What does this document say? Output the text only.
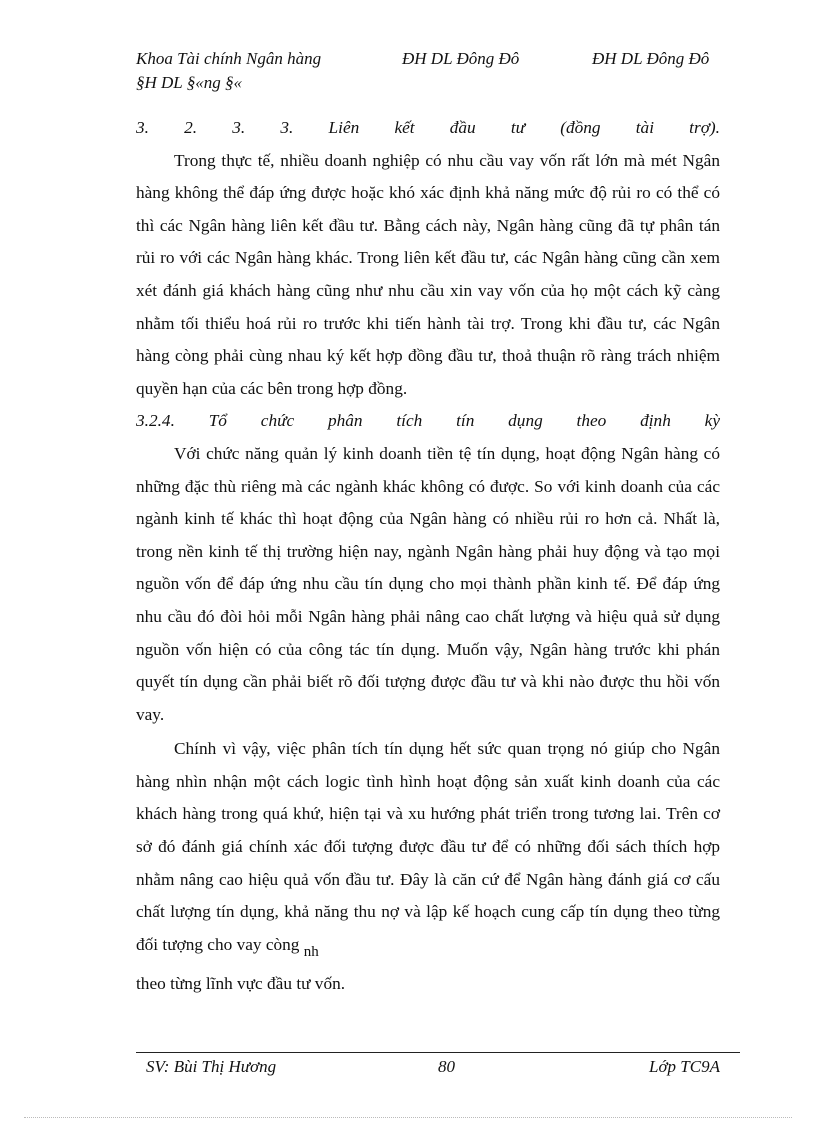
Khoa Tài chính Ngân hàng	ĐH DL Đông Đô	ĐH DL Đông Đô
§H DL §«ng §«
3. 2. 3. 3. Liên kết đầu tư (đồng tài trợ).

Trong thực tế, nhiều doanh nghiệp có nhu cầu vay vốn rất lớn mà mét Ngân hàng không thể đáp ứng được hoặc khó xác định khả năng mức độ rủi ro có thể có thì các Ngân hàng liên kết đầu tư. Bằng cách này, Ngân hàng cũng đã tự phân tán rủi ro với các Ngân hàng khác. Trong liên kết đầu tư, các Ngân hàng cũng cần xem xét đánh giá khách hàng cũng như nhu cầu xin vay vốn của họ một cách kỹ càng nhằm tối thiểu hoá rủi ro trước khi tiến hành tài trợ. Trong khi đầu tư, các Ngân hàng còng phải cùng nhau ký kết hợp đồng đầu tư, thoả thuận rõ ràng trách nhiệm quyền hạn của các bên trong hợp đồng.

3.2.4. Tổ chức phân tích tín dụng theo định kỳ

Với chức năng quản lý kinh doanh tiền tệ tín dụng, hoạt động Ngân hàng có những đặc thù riêng mà các ngành khác không có được. So với kinh doanh của các ngành kinh tế khác thì hoạt động của Ngân hàng có nhiều rủi ro hơn cả. Nhất là, trong nền kinh tế thị trường hiện nay, ngành Ngân hàng phải huy động và tạo mọi nguồn vốn để đáp ứng nhu cầu tín dụng cho mọi thành phần kinh tế. Để đáp ứng nhu cầu đó đòi hỏi mỗi Ngân hàng phải nâng cao chất lượng và hiệu quả sử dụng nguồn vốn hiện có của công tác tín dụng. Muốn vậy, Ngân hàng trước khi phán quyết tín dụng cần phải biết rõ đối tượng được đầu tư và khi nào được thu hồi vốn vay.

Chính vì vậy, việc phân tích tín dụng hết sức quan trọng nó giúp cho Ngân hàng nhìn nhận một cách logic tình hình hoạt động sản xuất kinh doanh của các khách hàng trong quá khứ, hiện tại và xu hướng phát triển trong tương lai. Trên cơ sở đó đánh giá chính xác đối tượng được đầu tư để có những đối sách thích hợp nhằm nâng cao hiệu quả vốn đầu tư. Đây là căn cứ để Ngân hàng đánh giá cơ cấu chất lượng tín dụng, khả năng thu nợ và lập kế hoạch cung cấp tín dụng theo từng đối tượng cho vay còng nh

theo từng lĩnh vực đầu tư vốn.
SV: Bùi Thị Hương	80	Lớp TC9A
